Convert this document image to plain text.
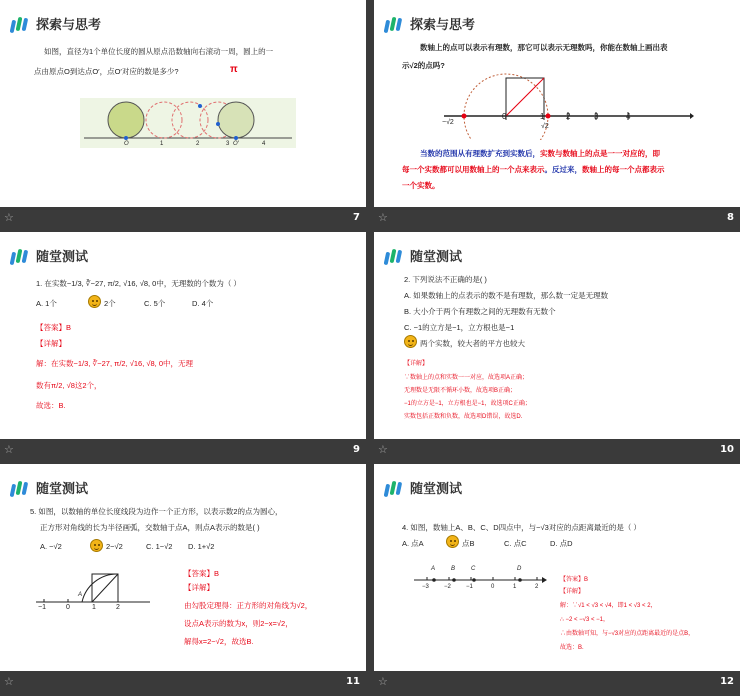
探索与思考
如图，直径为1个单位长度的圆从原点沿数轴向右滚动一周，圆上的一
点由原点O到达点O′，点O′对应的数是多少?	π
O	1	2	3 O′	4
☆	7
探索与思考
数轴上的点可以表示有理数，那它可以表示无理数吗，你能在数轴上画出表
示√2的点吗?
−√2
0	1
√2
2	3	4
当数的范围从有理数扩充到实数后，实数与数轴上的点是一一对应的，即
每一个实数都可以用数轴上的一个点来表示。反过来，数轴上的每一个点都表示
一个实数。
☆	8
随堂测试
1. 在实数−1/3, ∛−27, π/2, √16, √8, 0中，无理数的个数为（ ）
A. 1个	2个	C. 5个	D. 4个
【答案】B
【详解】
解：在实数−1/3, ∛−27, π/2, √16, √8, 0中，无理
数有π/2, √8这2个，
故选：B.
☆	9
随堂测试
2. 下列说法不正确的是( )
A. 如果数轴上的点表示的数不是有理数，那么数一定是无理数
B. 大小介于两个有理数之间的无理数有无数个
C. −1的立方是−1，立方根也是−1
两个实数，较大者的平方也较大
【详解】
∵数轴上的点和实数一一对应，故选项A正确；
无理数是无限不循环小数，故选项B正确；
−1的立方是−1，立方根也是−1，故选项C正确；
实数包括正数和负数，故选项D错误，故选D.
☆	10
随堂测试
5. 如图，以数轴的单位长度线段为边作一个正方形，以表示数2的点为圆心，
正方形对角线的长为半径画弧，交数轴于点A，则点A表示的数是( )
A. −√2	2−√2	C. 1−√2 D. 1+√2
−1	0
A
1	2
【答案】B
【详解】
由勾股定理得：正方形的对角线为√2，
设点A表示的数为x，则2−x=√2，
解得x=2−√2，故选B.
☆	11
随堂测试
4. 如图，数轴上A、B、C、D四点中，与−√3对应的点距离最近的是（ ）
A. 点A	点B	C. 点C	D. 点D
A	B	C	D
−3	−2	−1	0	1	2
【答案】B
【详解】
解：∵√1 < √3 < √4，即1 < √3 < 2，
∴ −2 < −√3 < −1，
∴由数轴可知，与−√3对应的点距离最近的是点B，
故选：B.
☆	12
